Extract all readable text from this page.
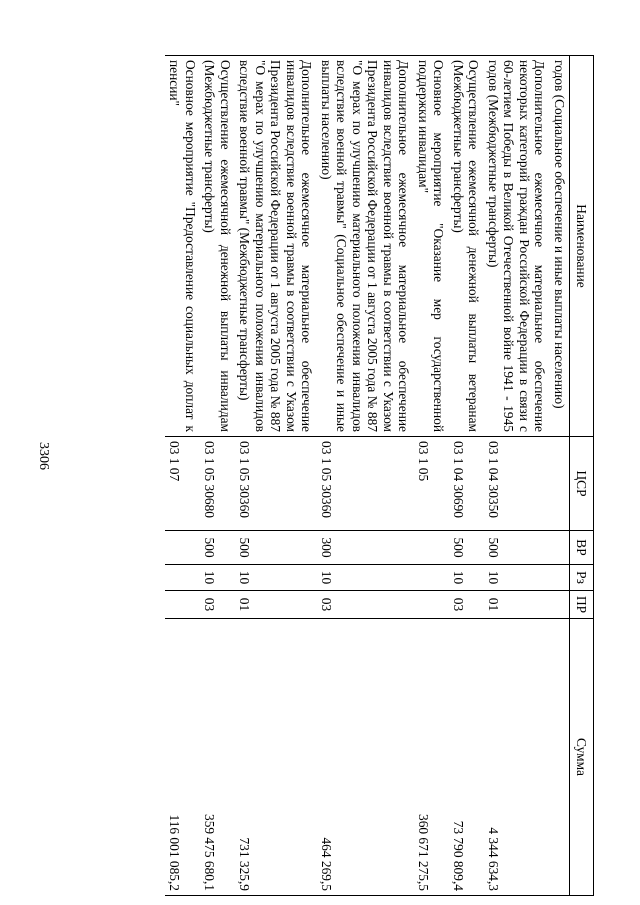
3306
Наименование	ЦСР	ВР	Рз	ПР	Сумма
годов (Социальное обеспечение и иные выплаты населению)					
Дополнительное ежемесячное материальное обеспечение некоторых категорий граждан Российской Федерации в связи с 60-летием Победы в Великой Отечественной войне 1941 - 1945 годов (Межбюджетные трансферты)	03 1 04 30350	500	10	01	4 344 634,3
Осуществление ежемесячной денежной выплаты ветеранам (Межбюджетные трансферты)	03 1 04 30690	500	10	03	73 790 809,4
Основное мероприятие "Оказание мер государственной поддержки инвалидам"	03 1 05				360 671 275,5
Дополнительное ежемесячное материальное обеспечение инвалидов вследствие военной травмы в соответствии с Указом Президента Российской Федерации от 1 августа 2005 года № 887 "О мерах по улучшению материального положения инвалидов вследствие военной травмы" (Социальное обеспечение и иные выплаты населению)	03 1 05 30360	300	10	03	464 269,5
Дополнительное ежемесячное материальное обеспечение инвалидов вследствие военной травмы в соответствии с Указом Президента Российской Федерации от 1 августа 2005 года № 887 "О мерах по улучшению материального положения инвалидов вследствие военной травмы" (Межбюджетные трансферты)	03 1 05 30360	500	10	01	731 325,9
Осуществление ежемесячной денежной выплаты инвалидам (Межбюджетные трансферты)	03 1 05 30680	500	10	03	359 475 680,1
Основное мероприятие "Предоставление социальных доплат к пенсии"	03 1 07				116 001 085,2
